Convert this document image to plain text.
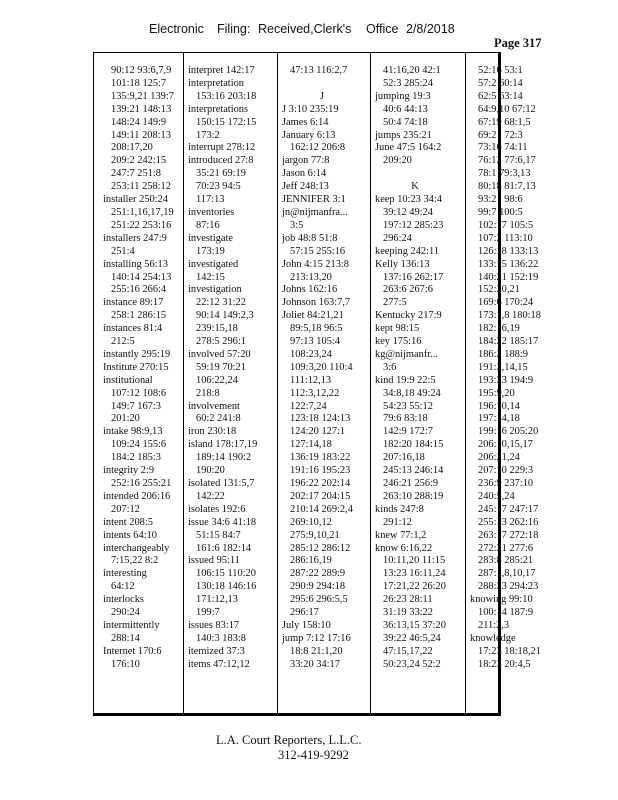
Electronic Filing: Received,Clerk's Office 2/8/2018
Page 317
90:12 93:6,7,9
101:18 125:7
135:9,21 139:7
139:21 148:13
148:24 149:9
149:11 208:13
208:17,20
209:2 242:15
247:7 251:8
253:11 258:12
installer 250:24
251:1,16,17,19
251:22 253:16
installers 247:9
251:4
installing 56:13
140:14 254:13
255:16 266:4
instance 89:17
258:1 286:15
instances 81:4
212:5
instantly 295:19
Institute 270:15
institutional
107:12 108:6
149:7 167:3
201:20
intake 98:9,13
109:24 155:6
184:2 185:3
integrity 2:9
252:16 255:21
intended 206:16
207:12
intent 208:5
intents 64:10
interchangeably
7:15,22 8:2
interesting
64:12
interlocks
290:24
intermittently
288:14
Internet 170:6
176:10
interpret 142:17
interpretation
153:16 203:18
interpretations
150:15 172:15
173:2
interrupt 278:12
introduced 27:8
35:21 69:19
70:23 94:5
117:13
inventories
87:16
investigate
173:19
investigated
142:15
investigation
22:12 31:22
90:14 149:2,3
239:15,18
278:5 296:1
involved 57:20
59:19 70:21
106:22,24
218:8
involvement
60:2 241:8
iron 230:18
island 178:17,19
189:14 190:2
190:20
isolated 131:5,7
142:22
isolates 192:6
issue 34:6 41:18
51:15 84:7
161:6 182:14
issued 95:11
106:15 110:20
130:18 146:16
171:12,13
199:7
issues 83:17
140:3 183:8
itemized 37:3
items 47:12,12
47:13 116:2,7

J
J 3:10 235:19
James 6:14
January 6:13
162:12 206:8
jargon 77:8
Jason 6:14
Jeff 248:13
JENNIFER 3:1
jn@nijmanfra...
3:5
job 48:8 51:8
57:15 255:16
John 4:15 213:8
213:13,20
Johns 162:16
Johnson 163:7,7
Joliet 84:21,21
89:5,18 96:5
97:13 105:4
108:23,24
109:3,20 110:4
111:12,13
112:3,12,22
122:7,24
123:18 124:13
124:20 127:1
127:14,18
136:19 183:22
191:16 195:23
196:22 202:14
202:17 204:15
210:14 269:2,4
269:10,12
275:9,10,21
285:12 286:12
286:16,19
287:22 289:9
290:9 294:18
295:6 296:5,5
296:17
July 158:10
jump 7:12 17:16
18:8 21:1,20
33:20 34:17
41:16,20 42:1
52:3 285:24
jumping 19:3
40:6 44:13
50:4 74:18
jumps 235:21
June 47:5 164:2
209:20

K
keep 10:23 34:4
39:12 49:24
197:12 285:23
296:24
keeping 242:11
Kelly 136:13
137:16 262:17
263:6 267:6
277:5
Kentucky 217:9
kept 98:15
key 175:16
kg@nijmanfr...
3:6
kind 19:9 22:5
34:8,18 49:24
54:23 55:12
79:6 83:18
142:9 172:7
182:20 184:15
207:16,18
245:13 246:14
246:21 256:9
263:10 288:19
kinds 247:8
291:12
knew 77:1,2
know 6:16,22
10:11,20 11:15
13:23 16:11,24
17:21,22 26:20
26:23 28:11
31:19 33:22
36:13,15 37:20
39:22 46:5,24
47:15,17,22
50:23,24 52:2
52:16 53:1
57:2 60:14
62:5 63:14
64:9,10 67:12
67:19 68:1,5
69:21 72:3
73:16 74:11
76:12 77:6,17
78:1 79:3,13
80:18 81:7,13
93:21 98:6
99:7 100:5
102:17 105:5
107:2 113:10
126:18 133:13
133:15 136:22
140:21 152:19
152:20,21
169:6 170:24
173:1,8 180:18
182:16,19
184:22 185:17
186:2 188:9
191:2,14,15
193:23 194:9
195:9,20
196:10,14
197:14,18
199:16 205:20
206:10,15,17
206:21,24
207:10 229:3
236:9 237:10
240:5,24
245:17 247:17
255:13 262:16
263:17 272:18
272:21 277:6
283:8 285:21
287:1,8,10,17
288:23 294:23
knowing 99:10
100:14 187:9
211:2,3
knowledge
17:23 18:18,21
18:23 20:4,5
L.A. Court Reporters, L.L.C.
312-419-9292
